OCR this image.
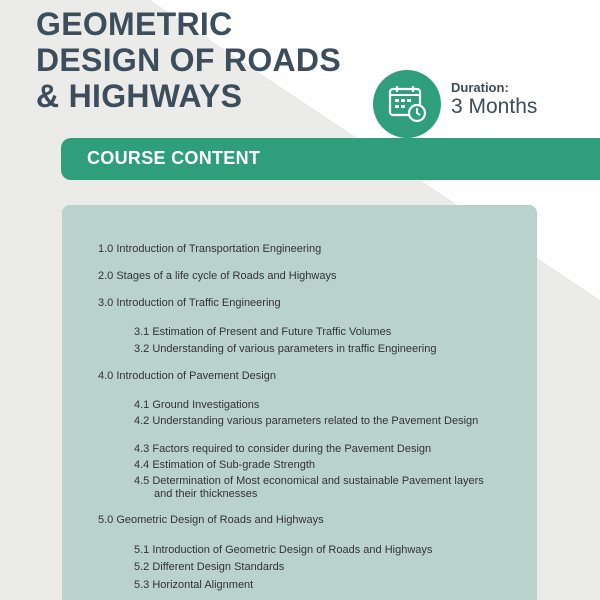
GEOMETRIC
DESIGN OF ROADS
& HIGHWAYS	Duration:
3 Months
COURSE CONTENT
1.0 Introduction of Transportation Engineering
2.0 Stages of a life cycle of Roads and Highways
3.0 Introduction of Traffic Engineering
3.1 Estimation of Present and Future Traffic Volumes
3.2 Understanding of various parameters in traffic Engineering
4.0 Introduction of Pavement Design
4.1 Ground Investigations
4.2 Understanding various parameters related to the Pavement Design
4.3 Factors required to consider during the Pavement Design
4.4 Estimation of Sub-grade Strength
4.5 Determination of Most economical and sustainable Pavement layers and their thicknesses
5.0 Geometric Design of Roads and Highways
5.1 Introduction of Geometric Design of Roads and Highways
5.2 Different Design Standards
5.3 Horizontal Alignment
